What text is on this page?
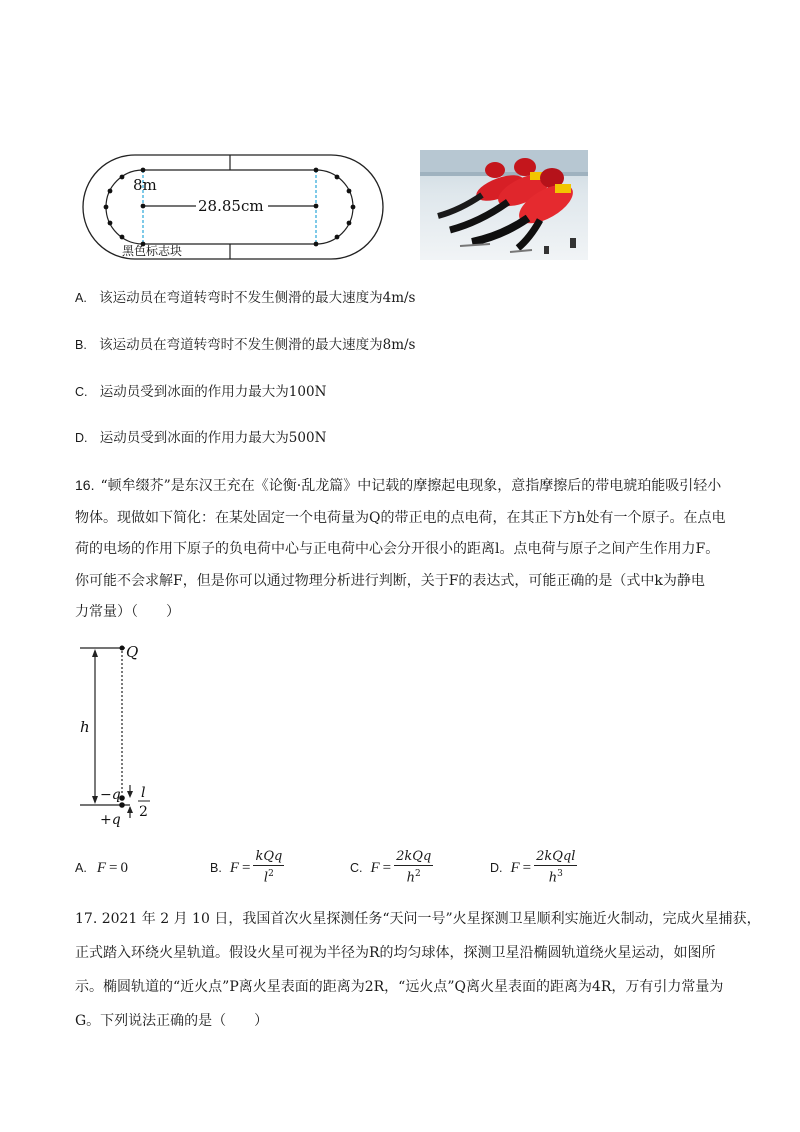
8m
28.85cm
黑色标志块
A. 该运动员在弯道转弯时不发生侧滑的最大速度为4m/s
B. 该运动员在弯道转弯时不发生侧滑的最大速度为8m/s
C. 运动员受到冰面的作用力最大为100N
D. 运动员受到冰面的作用力最大为500N
16. “顿牟缀芥”是东汉王充在《论衡·乱龙篇》中记载的摩擦起电现象，意指摩擦后的带电琥珀能吸引轻小
物体。现做如下简化：在某处固定一个电荷量为Q的带正电的点电荷，在其正下方h处有一个原子。在点电
荷的电场的作用下原子的负电荷中心与正电荷中心会分开很小的距离l。点电荷与原子之间产生作用力F。
你可能不会求解F，但是你可以通过物理分析进行判断，关于F的表达式，可能正确的是（式中k为静电
力常量）（　　）
Q
h
−q
+q
l
2
A. F = 0	B. F =
kQq
$l^2$	C. F =
2kQq
$h^2$	D. F =
2kQql
$h^3$
17. 2021 年 2 月 10 日，我国首次火星探测任务“天问一号”火星探测卫星顺利实施近火制动，完成火星捕获，
正式踏入环绕火星轨道。假设火星可视为半径为R的均匀球体，探测卫星沿椭圆轨道绕火星运动，如图所
示。椭圆轨道的“近火点”P离火星表面的距离为2R，“远火点”Q离火星表面的距离为4R，万有引力常量为
G。下列说法正确的是（　　）
